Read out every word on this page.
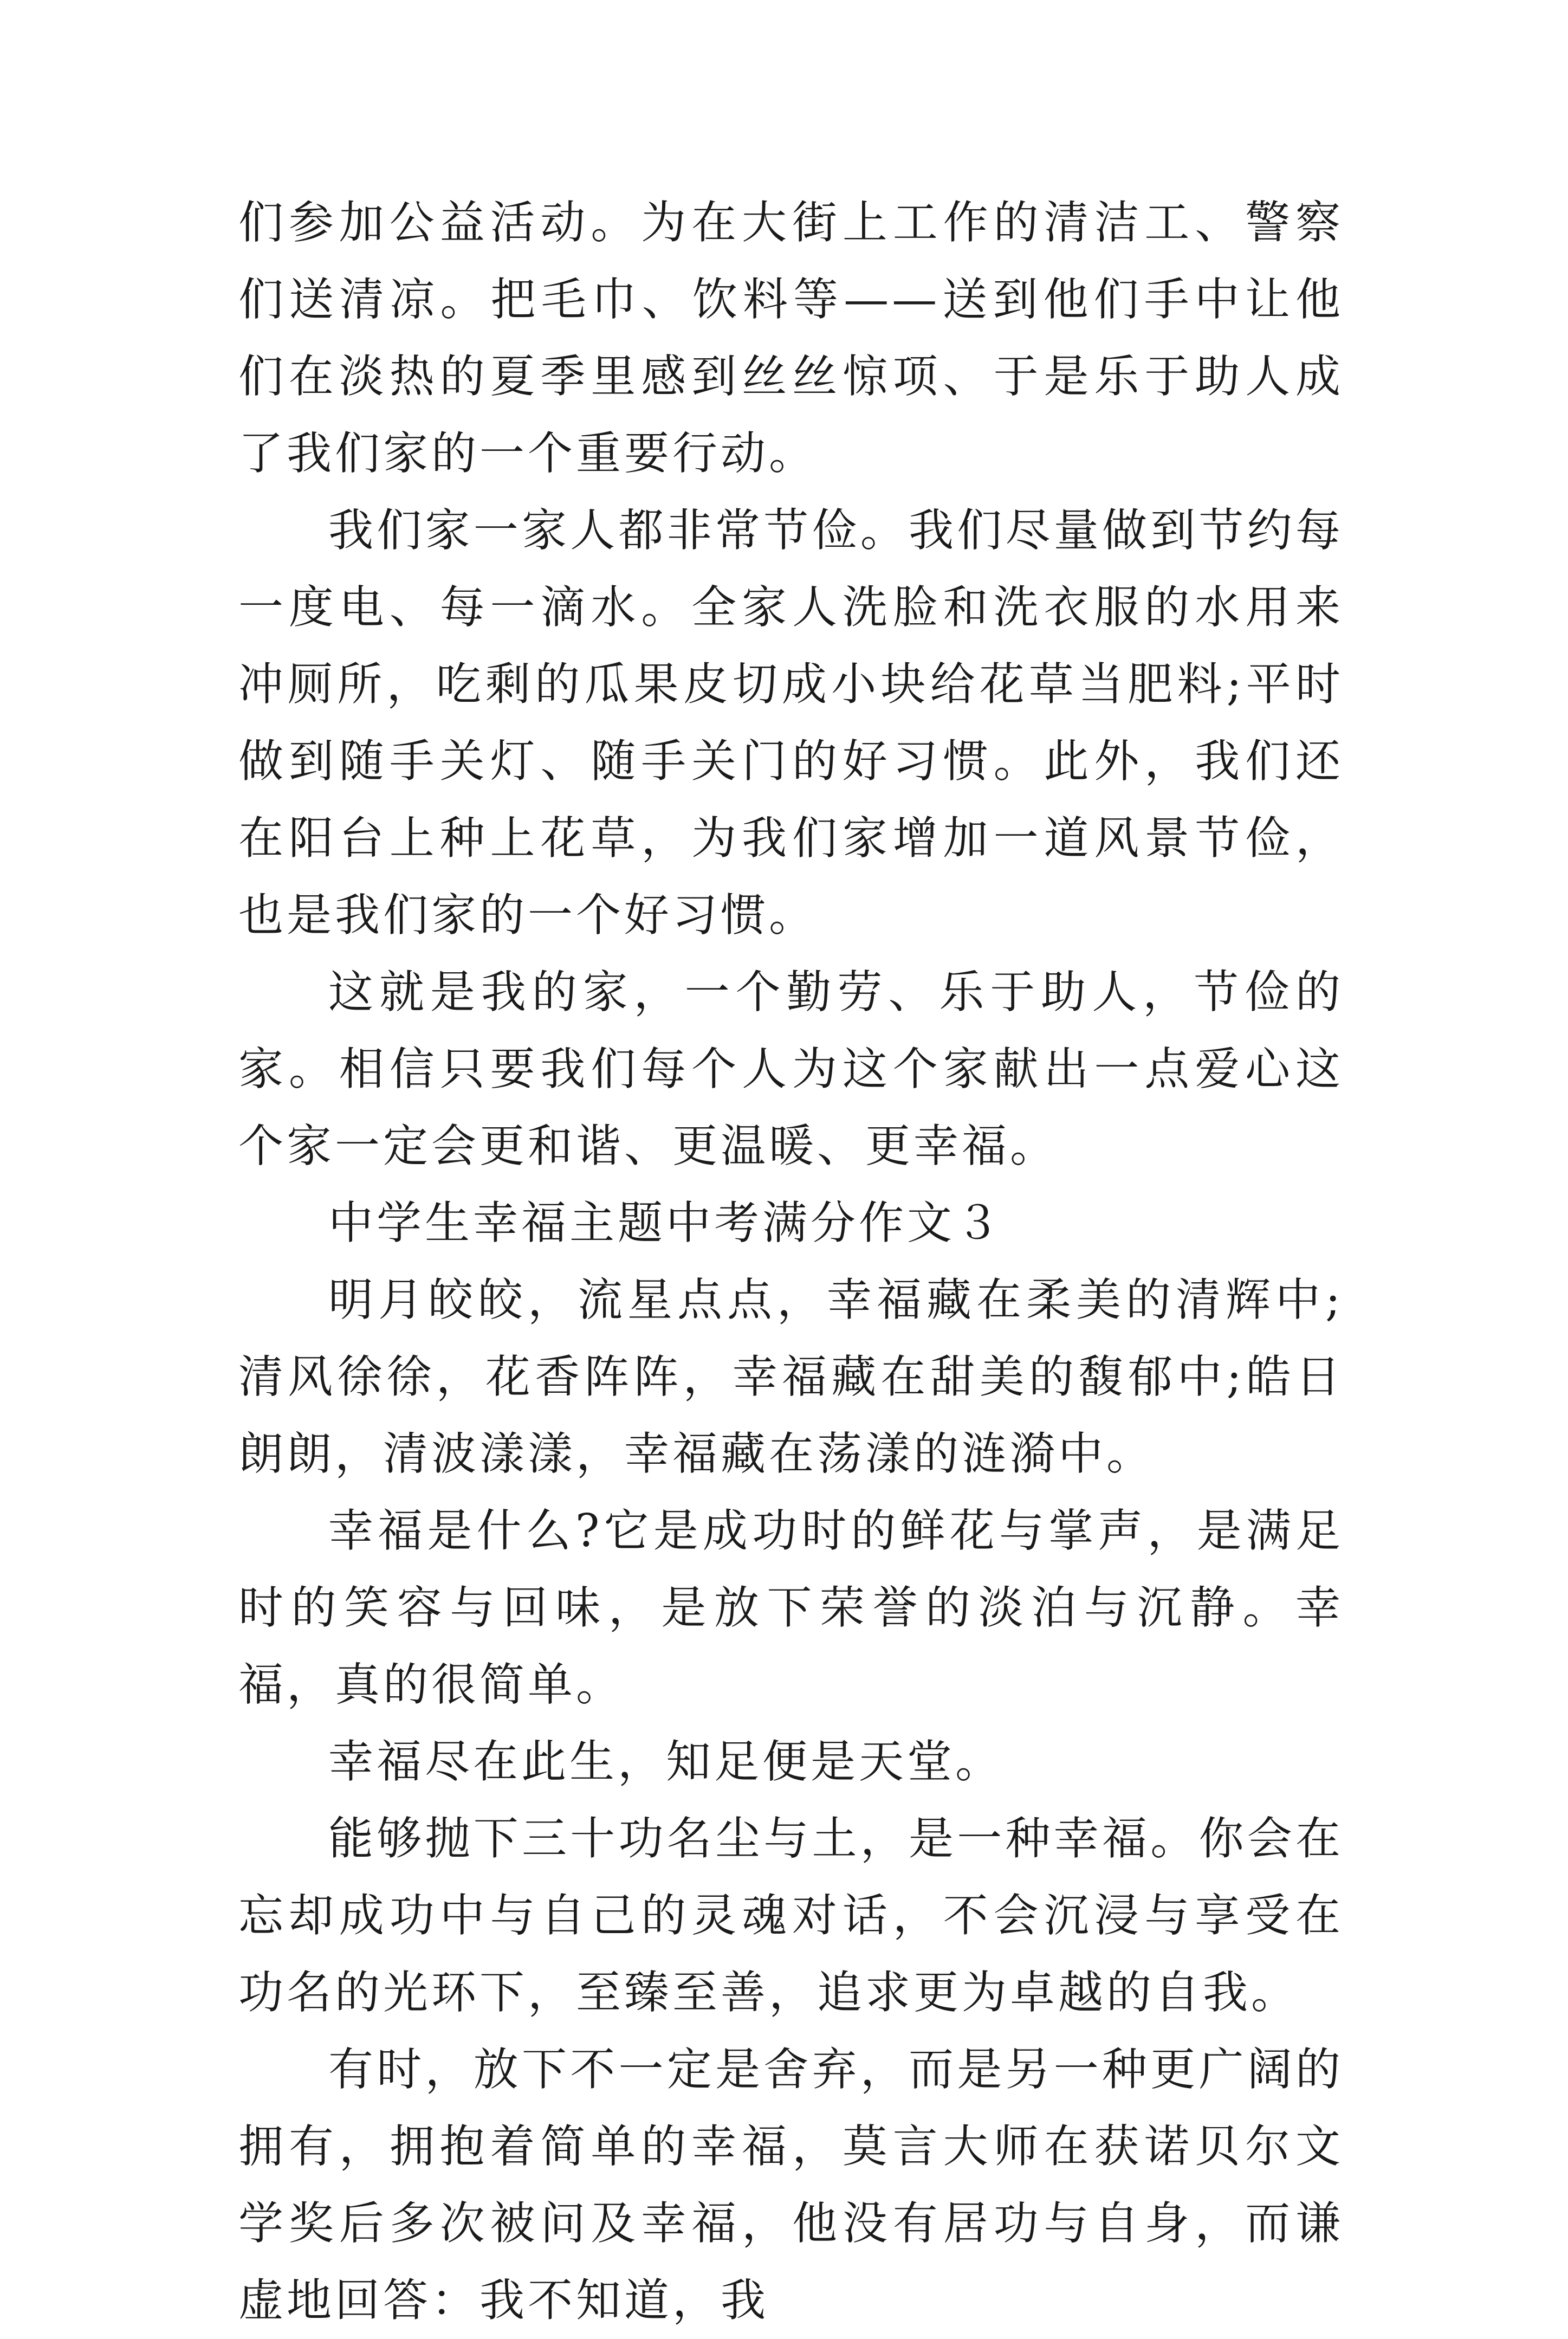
们参加公益活动。为在大街上工作的清洁工、警察们送清凉。把毛巾、饮料等——送到他们手中让他们在淡热的夏季里感到丝丝惊项、于是乐于助人成了我们家的一个重要行动。

我们家一家人都非常节俭。我们尽量做到节约每一度电、每一滴水。全家人洗脸和洗衣服的水用来冲厕所，吃剩的瓜果皮切成小块给花草当肥料;平时做到随手关灯、随手关门的好习惯。此外，我们还在阳台上种上花草，为我们家增加一道风景节俭，也是我们家的一个好习惯。

这就是我的家，一个勤劳、乐于助人，节俭的家。相信只要我们每个人为这个家献出一点爱心这个家一定会更和谐、更温暖、更幸福。

中学生幸福主题中考满分作文３

明月皎皎，流星点点，幸福藏在柔美的清辉中;清风徐徐，花香阵阵，幸福藏在甜美的馥郁中;皓日朗朗，清波漾漾，幸福藏在荡漾的涟漪中。

幸福是什么?它是成功时的鲜花与掌声，是满足时的笑容与回味，是放下荣誉的淡泊与沉静。幸福，真的很简单。

幸福尽在此生，知足便是天堂。

能够抛下三十功名尘与土，是一种幸福。你会在忘却成功中与自己的灵魂对话，不会沉浸与享受在功名的光环下，至臻至善，追求更为卓越的自我。

有时，放下不一定是舍弃，而是另一种更广阔的拥有，拥抱着简单的幸福，莫言大师在获诺贝尔文学奖后多次被问及幸福，他没有居功与自身，而谦虚地回答：我不知道，我
